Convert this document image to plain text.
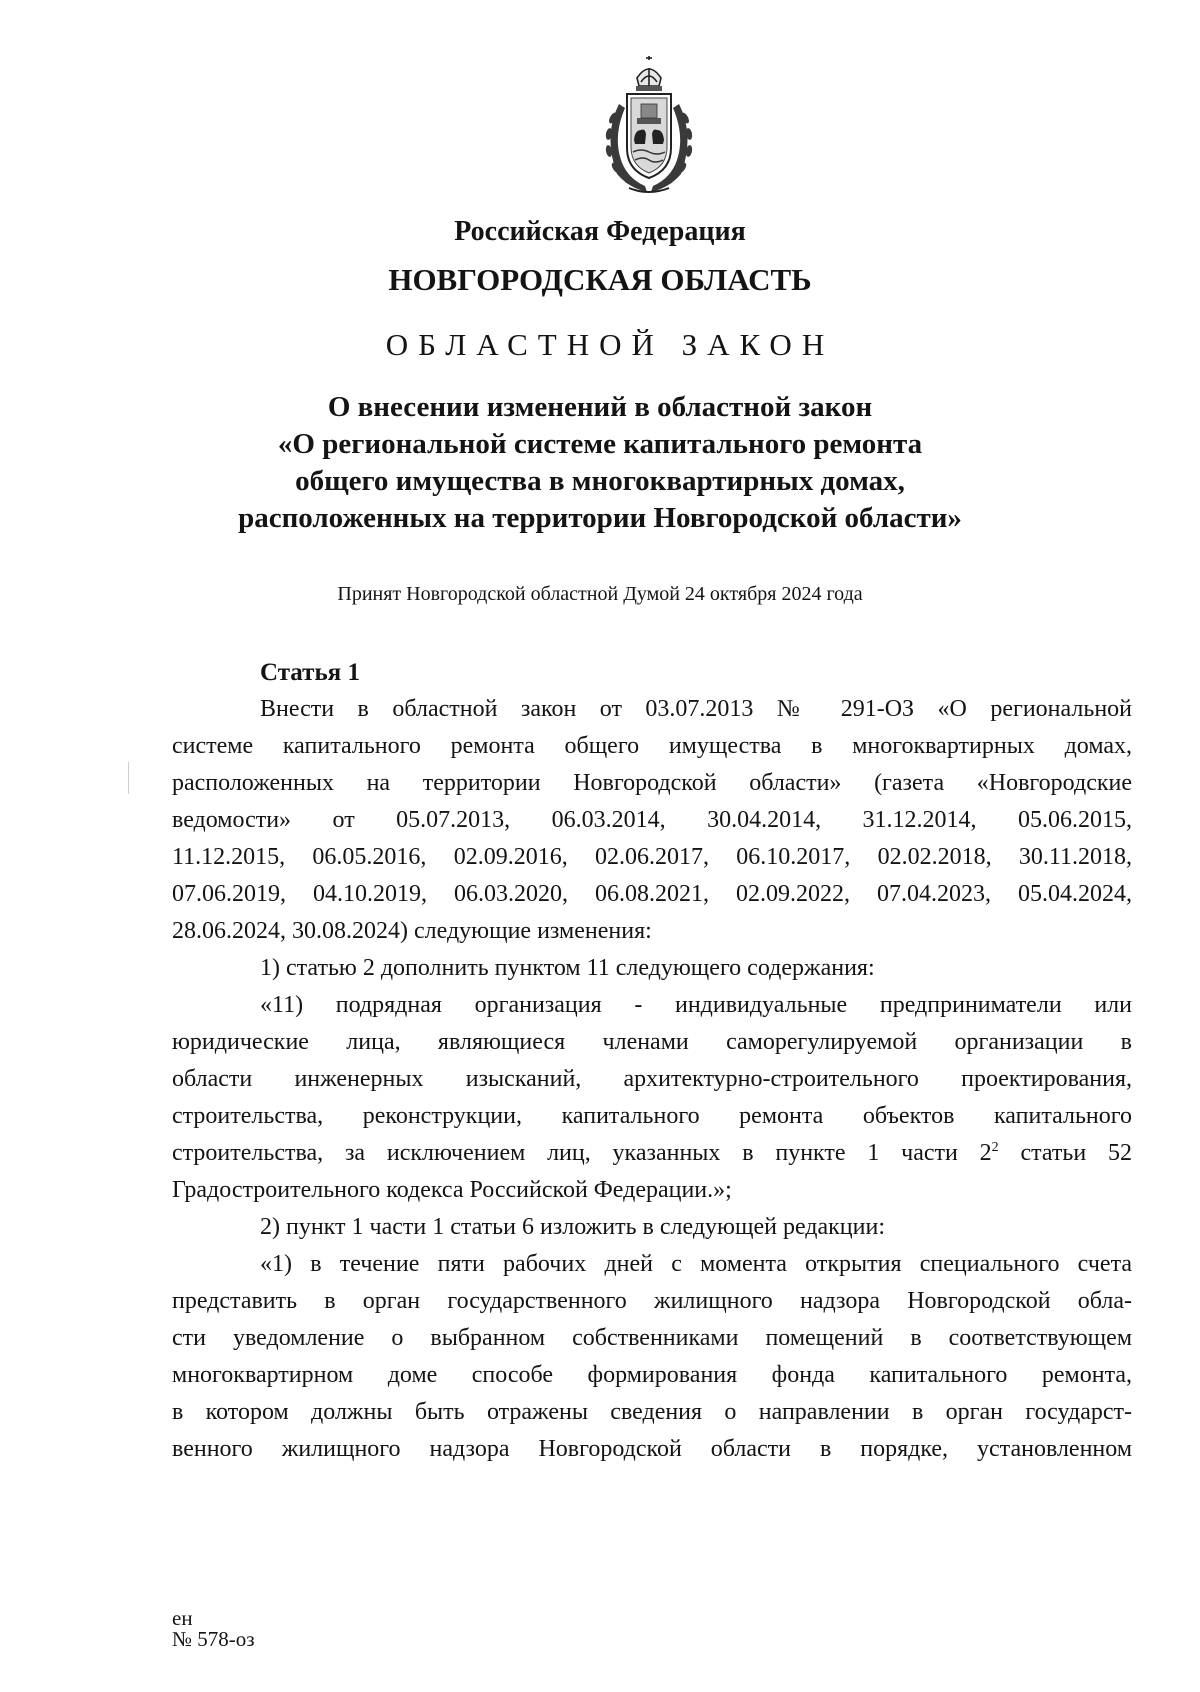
Российская Федерация
НОВГОРОДСКАЯ ОБЛАСТЬ
ОБЛАСТНОЙ ЗАКОН
О внесении изменений в областной закон
«О региональной системе капитального ремонта
общего имущества в многоквартирных домах,
расположенных на территории Новгородской области»
Принят Новгородской областной Думой 24 октября 2024 года
Статья 1
Внести в областной закон от 03.07.2013 № 291-ОЗ «О региональной
системе капитального ремонта общего имущества в многоквартирных домах,
расположенных на территории Новгородской области» (газета «Новгородские
ведомости» от 05.07.2013, 06.03.2014, 30.04.2014, 31.12.2014, 05.06.2015,
11.12.2015, 06.05.2016, 02.09.2016, 02.06.2017, 06.10.2017, 02.02.2018, 30.11.2018,
07.06.2019, 04.10.2019, 06.03.2020, 06.08.2021, 02.09.2022, 07.04.2023, 05.04.2024,
28.06.2024, 30.08.2024) следующие изменения:
1) статью 2 дополнить пунктом 11 следующего содержания:
«11) подрядная организация - индивидуальные предприниматели или
юридические лица, являющиеся членами саморегулируемой организации в
области инженерных изысканий, архитектурно-строительного проектирования,
строительства, реконструкции, капитального ремонта объектов капитального
строительства, за исключением лиц, указанных в пункте 1 части $2^2$ статьи 52
Градостроительного кодекса Российской Федерации.»;
2) пункт 1 части 1 статьи 6 изложить в следующей редакции:
«1) в течение пяти рабочих дней с момента открытия специального счета
представить в орган государственного жилищного надзора Новгородской обла-
сти уведомление о выбранном собственниками помещений в соответствующем
многоквартирном доме способе формирования фонда капитального ремонта,
в котором должны быть отражены сведения о направлении в орган государст-
венного жилищного надзора Новгородской области в порядке, установленном
ен
№ 578-оз
